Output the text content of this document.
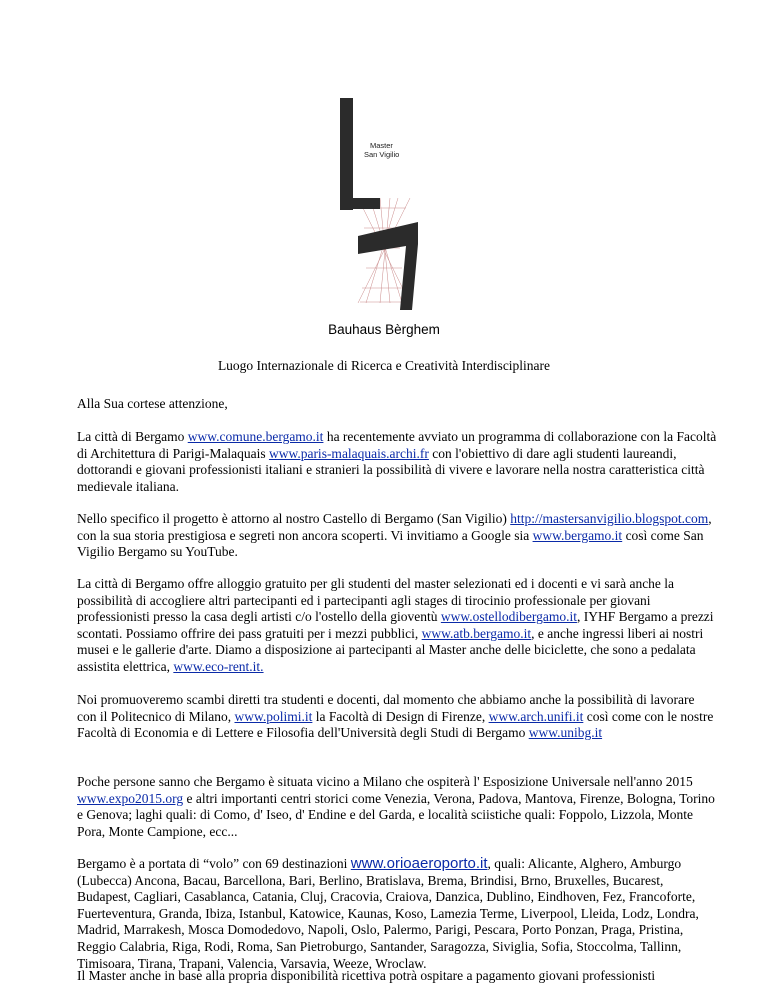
Master
San Vigilio
Bauhaus Bèrghem
Luogo Internazionale di Ricerca e Creatività Interdisciplinare

Alla Sua cortese attenzione,

La città di Bergamo www.comune.bergamo.it ha recentemente avviato un programma di collaborazione con la Facoltà di Architettura di Parigi-Malaquais www.paris-malaquais.archi.fr con l'obiettivo di dare agli studenti laureandi, dottorandi e giovani professionisti italiani e stranieri la possibilità di vivere e lavorare nella nostra caratteristica città medievale italiana.

Nello specifico il progetto è attorno al nostro Castello di Bergamo (San Vigilio) http://mastersanvigilio.blogspot.com, con la sua storia prestigiosa e segreti non ancora scoperti. Vi invitiamo a Google sia www.bergamo.it così come San Vigilio Bergamo su YouTube.

La città di Bergamo offre alloggio gratuito per gli studenti del master selezionati ed i docenti e vi sarà anche la possibilità di accogliere altri partecipanti ed i partecipanti agli stages di tirocinio professionale per giovani professionisti presso la casa degli artisti c/o l'ostello della gioventù www.ostellodibergamo.it, IYHF Bergamo a prezzi scontati. Possiamo offrire dei pass gratuiti per i mezzi pubblici, www.atb.bergamo.it, e anche ingressi liberi ai nostri musei e le gallerie d'arte. Diamo a disposizione ai partecipanti al Master anche delle biciclette, che sono a pedalata assistita elettrica, www.eco-rent.it.

Noi promuoveremo scambi diretti tra studenti e docenti, dal momento che abbiamo anche la possibilità di lavorare con il Politecnico di Milano, www.polimi.it la Facoltà di Design di Firenze, www.arch.unifi.it così come con le nostre Facoltà di Economia e di Lettere e Filosofia dell'Università degli Studi di Bergamo www.unibg.it

Poche persone sanno che Bergamo è situata vicino a Milano che ospiterà l' Esposizione Universale nell'anno 2015 www.expo2015.org e altri importanti centri storici come Venezia, Verona, Padova, Mantova, Firenze, Bologna, Torino e Genova; laghi quali: di Como, d' Iseo, d' Endine e del Garda, e località sciistiche quali: Foppolo, Lizzola, Monte Pora, Monte Campione, ecc...

Bergamo è a portata di “volo” con 69 destinazioni www.orioaeroporto.it, quali: Alicante, Alghero, Amburgo (Lubecca) Ancona, Bacau, Barcellona, Bari, Berlino, Bratislava, Brema, Brindisi, Brno, Bruxelles, Bucarest, Budapest, Cagliari, Casablanca, Catania, Cluj, Cracovia, Craiova, Danzica, Dublino, Eindhoven, Fez, Francoforte, Fuerteventura, Granda, Ibiza, Istanbul, Katowice, Kaunas, Koso, Lamezia Terme, Liverpool, Lleida, Lodz, Londra, Madrid, Marrakesh, Mosca Domodedovo, Napoli, Oslo, Palermo, Parigi, Pescara, Porto Ponzan, Praga, Pristina, Reggio Calabria, Riga, Rodi, Roma, San Pietroburgo, Santander, Saragozza, Siviglia, Sofia, Stoccolma, Tallinn, Timisoara, Tirana, Trapani, Valencia, Varsavia, Weeze, Wroclaw.

Il Master anche in base alla propria disponibilità ricettiva potrà ospitare a pagamento giovani professionisti
